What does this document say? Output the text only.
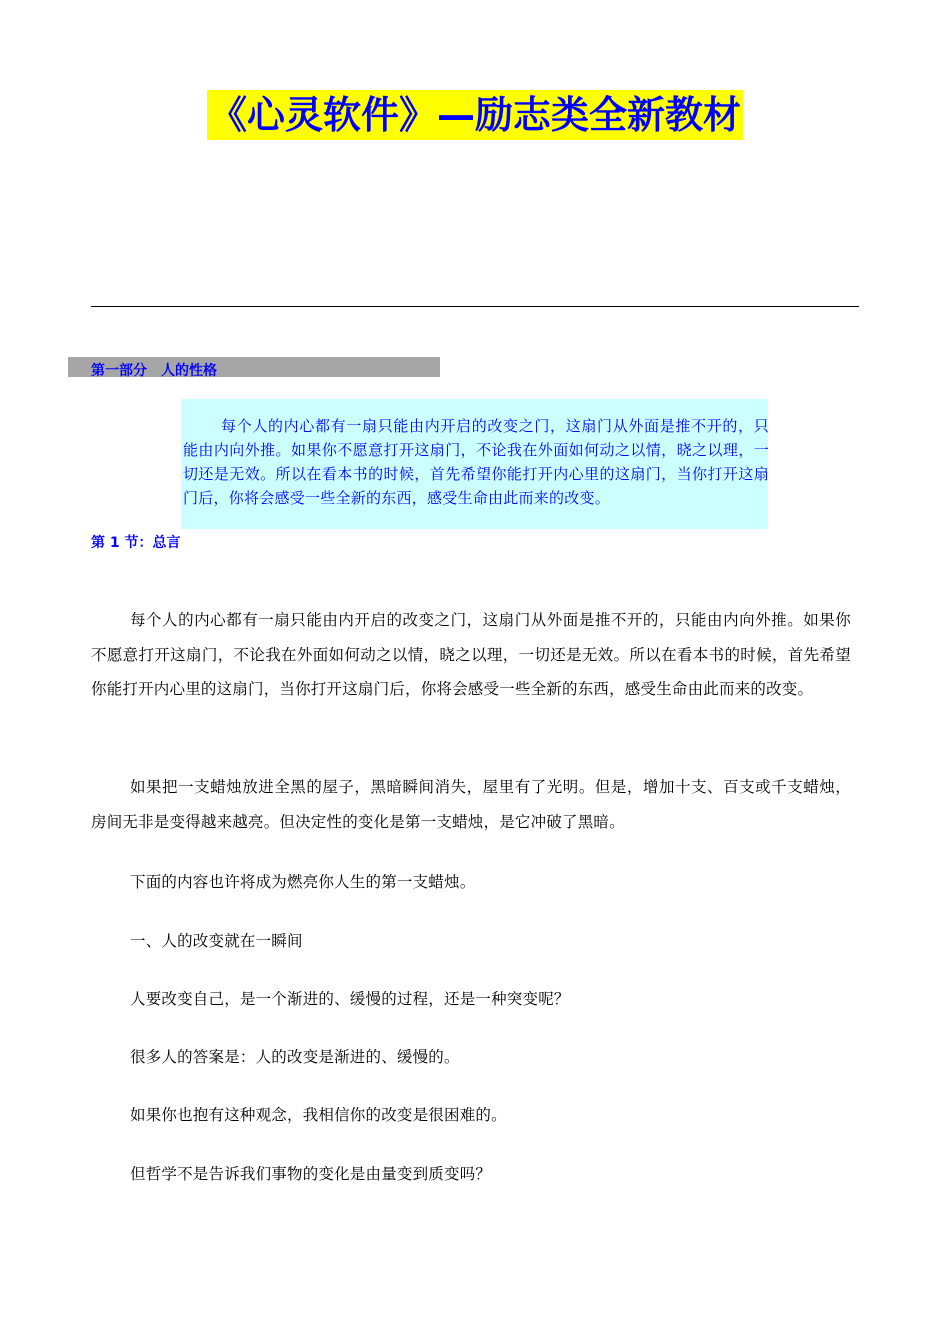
《心灵软件》—励志类全新教材
第一部分　人的性格
每个人的内心都有一扇只能由内开启的改变之门，这扇门从外面是推不开的，只能由内向外推。如果你不愿意打开这扇门，不论我在外面如何动之以情，晓之以理，一切还是无效。所以在看本书的时候，首先希望你能打开内心里的这扇门，当你打开这扇门后，你将会感受一些全新的东西，感受生命由此而来的改变。
第 1 节：总言

每个人的内心都有一扇只能由内开启的改变之门，这扇门从外面是推不开的，只能由内向外推。如果你不愿意打开这扇门，不论我在外面如何动之以情，晓之以理，一切还是无效。所以在看本书的时候，首先希望你能打开内心里的这扇门，当你打开这扇门后，你将会感受一些全新的东西，感受生命由此而来的改变。

如果把一支蜡烛放进全黑的屋子，黑暗瞬间消失，屋里有了光明。但是，增加十支、百支或千支蜡烛，房间无非是变得越来越亮。但决定性的变化是第一支蜡烛，是它冲破了黑暗。

下面的内容也许将成为燃亮你人生的第一支蜡烛。

一、人的改变就在一瞬间

人要改变自己，是一个渐进的、缓慢的过程，还是一种突变呢？

很多人的答案是：人的改变是渐进的、缓慢的。

如果你也抱有这种观念，我相信你的改变是很困难的。

但哲学不是告诉我们事物的变化是由量变到质变吗？
